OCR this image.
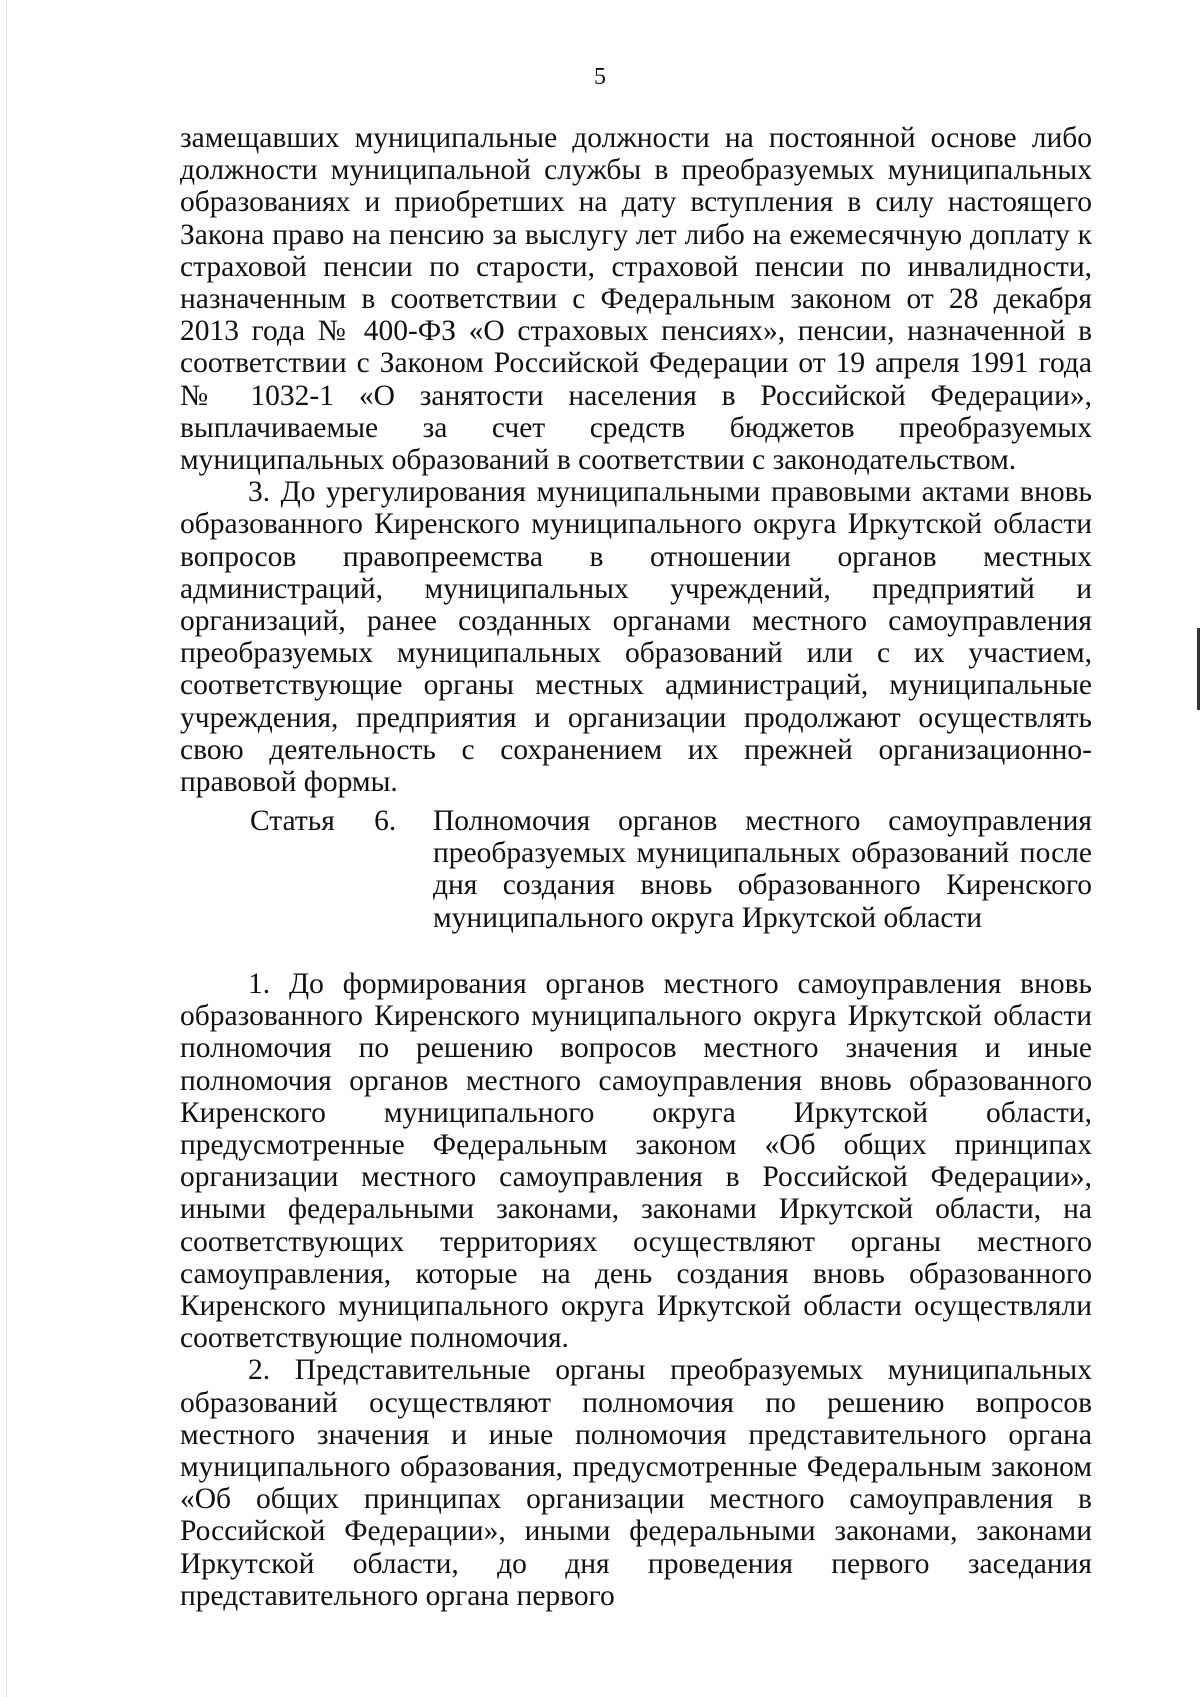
5

замещавших муниципальные должности на постоянной основе либо должности муниципальной службы в преобразуемых муниципальных образованиях и приобретших на дату вступления в силу настоящего Закона право на пенсию за выслугу лет либо на ежемесячную доплату к страховой пенсии по старости, страховой пенсии по инвалидности, назначенным в соответствии с Федеральным законом от 28 декабря 2013 года № 400-ФЗ «О страховых пенсиях», пенсии, назначенной в соответствии с Законом Российской Федерации от 19 апреля 1991 года № 1032-1 «О занятости населения в Российской Федерации», выплачиваемые за счет средств бюджетов преобразуемых муниципальных образований в соответствии с законодательством.

3. До урегулирования муниципальными правовыми актами вновь образованного Киренского муниципального округа Иркутской области вопросов правопреемства в отношении органов местных администраций, муниципальных учреждений, предприятий и организаций, ранее созданных органами местного самоуправления преобразуемых муниципальных образований или с их участием, соответствующие органы местных администраций, муниципальные учреждения, предприятия и организации продолжают осуществлять свою деятельность с сохранением их прежней организационно-правовой формы.

Статья 6.	Полномочия органов местного самоуправления преобразуемых муниципальных образований после дня создания вновь образованного Киренского муниципального округа Иркутской области

1. До формирования органов местного самоуправления вновь образованного Киренского муниципального округа Иркутской области полномочия по решению вопросов местного значения и иные полномочия органов местного самоуправления вновь образованного Киренского муниципального округа Иркутской области, предусмотренные Федеральным законом «Об общих принципах организации местного самоуправления в Российской Федерации», иными федеральными законами, законами Иркутской области, на соответствующих территориях осуществляют органы местного самоуправления, которые на день создания вновь образованного Киренского муниципального округа Иркутской области осуществляли соответствующие полномочия.

2. Представительные органы преобразуемых муниципальных образований осуществляют полномочия по решению вопросов местного значения и иные полномочия представительного органа муниципального образования, предусмотренные Федеральным законом «Об общих принципах организации местного самоуправления в Российской Федерации», иными федеральными законами, законами Иркутской области, до дня проведения первого заседания представительного органа первого
